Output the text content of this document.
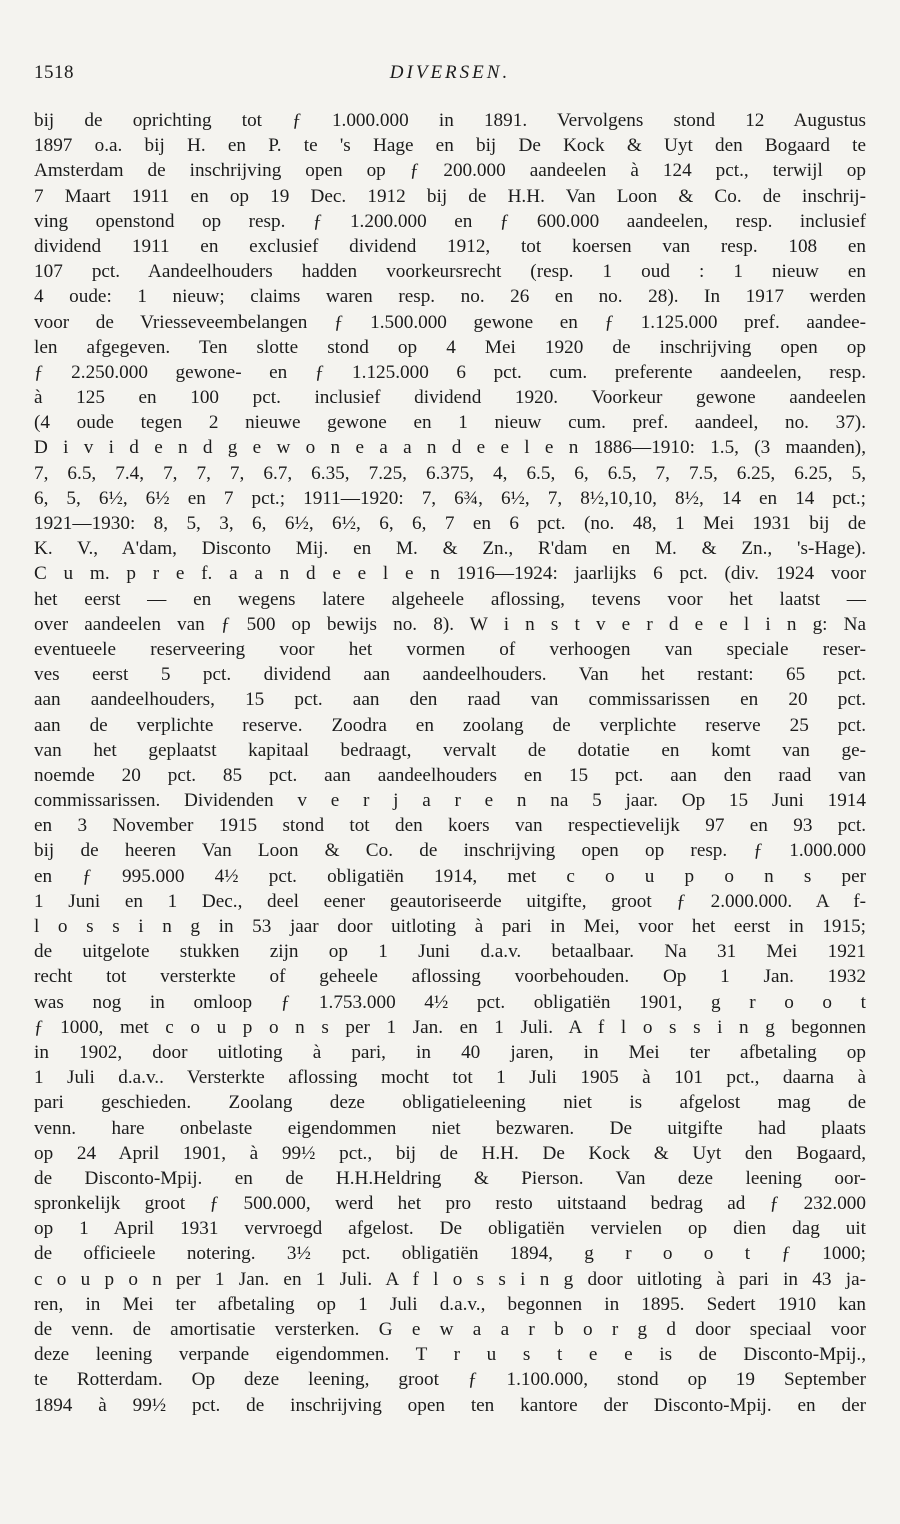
1518	DIVERSEN.
bij de oprichting tot ƒ 1.000.000 in 1891. Vervolgens stond 12 Augustus
1897 o.a. bij H. en P. te 's Hage en bij De Kock & Uyt den Bogaard te
Amsterdam de inschrijving open op ƒ 200.000 aandeelen à 124 pct., terwijl op
7 Maart 1911 en op 19 Dec. 1912 bij de H.H. Van Loon & Co. de inschrij-
ving openstond op resp. ƒ 1.200.000 en ƒ 600.000 aandeelen, resp. inclusief
dividend 1911 en exclusief dividend 1912, tot koersen van resp. 108 en
107 pct. Aandeelhouders hadden voorkeursrecht (resp. 1 oud : 1 nieuw en
4 oude: 1 nieuw; claims waren resp. no. 26 en no. 28). In 1917 werden
voor de Vriesseveembelangen ƒ 1.500.000 gewone en ƒ 1.125.000 pref. aandee-
len afgegeven. Ten slotte stond op 4 Mei 1920 de inschrijving open op
ƒ 2.250.000 gewone- en ƒ 1.125.000 6 pct. cum. preferente aandeelen, resp.
à 125 en 100 pct. inclusief dividend 1920. Voorkeur gewone aandeelen
(4 oude tegen 2 nieuwe gewone en 1 nieuw cum. pref. aandeel, no. 37).
D i v i d e n d g e w o n e a a n d e e l e n 1886—1910: 1.5, (3 maanden),
7, 6.5, 7.4, 7, 7, 7, 6.7, 6.35, 7.25, 6.375, 4, 6.5, 6, 6.5, 7, 7.5, 6.25, 6.25, 5,
6, 5, 6½, 6½ en 7 pct.; 1911—1920: 7, 6¾, 6½, 7, 8½,10,10, 8½, 14 en 14 pct.;
1921—1930: 8, 5, 3, 6, 6½, 6½, 6, 6, 7 en 6 pct. (no. 48, 1 Mei 1931 bij de
K. V., A'dam, Disconto Mij. en M. & Zn., R'dam en M. & Zn., 's-Hage).
C u m. p r e f. a a n d e e l e n 1916—1924: jaarlijks 6 pct. (div. 1924 voor
het eerst — en wegens latere algeheele aflossing, tevens voor het laatst —
over aandeelen van ƒ 500 op bewijs no. 8). W i n s t v e r d e e l i n g: Na
eventueele reserveering voor het vormen of verhoogen van speciale reser-
ves eerst 5 pct. dividend aan aandeelhouders. Van het restant: 65 pct.
aan aandeelhouders, 15 pct. aan den raad van commissarissen en 20 pct.
aan de verplichte reserve. Zoodra en zoolang de verplichte reserve 25 pct.
van het geplaatst kapitaal bedraagt, vervalt de dotatie en komt van ge-
noemde 20 pct. 85 pct. aan aandeelhouders en 15 pct. aan den raad van
commissarissen. Dividenden v e r j a r e n na 5 jaar. Op 15 Juni 1914
en 3 November 1915 stond tot den koers van respectievelijk 97 en 93 pct.
bij de heeren Van Loon & Co. de inschrijving open op resp. ƒ 1.000.000
en ƒ 995.000 4½ pct. obligatiën 1914, met c o u p o n s per
1 Juni en 1 Dec., deel eener geautoriseerde uitgifte, groot ƒ 2.000.000. A f-
l o s s i n g in 53 jaar door uitloting à pari in Mei, voor het eerst in 1915;
de uitgelote stukken zijn op 1 Juni d.a.v. betaalbaar. Na 31 Mei 1921
recht tot versterkte of geheele aflossing voorbehouden. Op 1 Jan. 1932
was nog in omloop ƒ 1.753.000 4½ pct. obligatiën 1901, g r o o t
ƒ 1000, met c o u p o n s per 1 Jan. en 1 Juli. A f l o s s i n g begonnen
in 1902, door uitloting à pari, in 40 jaren, in Mei ter afbetaling op
1 Juli d.a.v.. Versterkte aflossing mocht tot 1 Juli 1905 à 101 pct., daarna à
pari geschieden. Zoolang deze obligatieleening niet is afgelost mag de
venn. hare onbelaste eigendommen niet bezwaren. De uitgifte had plaats
op 24 April 1901, à 99½ pct., bij de H.H. De Kock & Uyt den Bogaard,
de Disconto-Mpij. en de H.H.Heldring & Pierson. Van deze leening oor-
spronkelijk groot ƒ 500.000, werd het pro resto uitstaand bedrag ad ƒ 232.000
op 1 April 1931 vervroegd afgelost. De obligatiën vervielen op dien dag uit
de officieele notering. 3½ pct. obligatiën 1894, g r o o t ƒ 1000;
c o u p o n per 1 Jan. en 1 Juli. A f l o s s i n g door uitloting à pari in 43 ja-
ren, in Mei ter afbetaling op 1 Juli d.a.v., begonnen in 1895. Sedert 1910 kan
de venn. de amortisatie versterken. G e w a a r b o r g d door speciaal voor
deze leening verpande eigendommen. T r u s t e e is de Disconto-Mpij.,
te Rotterdam. Op deze leening, groot ƒ 1.100.000, stond op 19 September
1894 à 99½ pct. de inschrijving open ten kantore der Disconto-Mpij. en der
